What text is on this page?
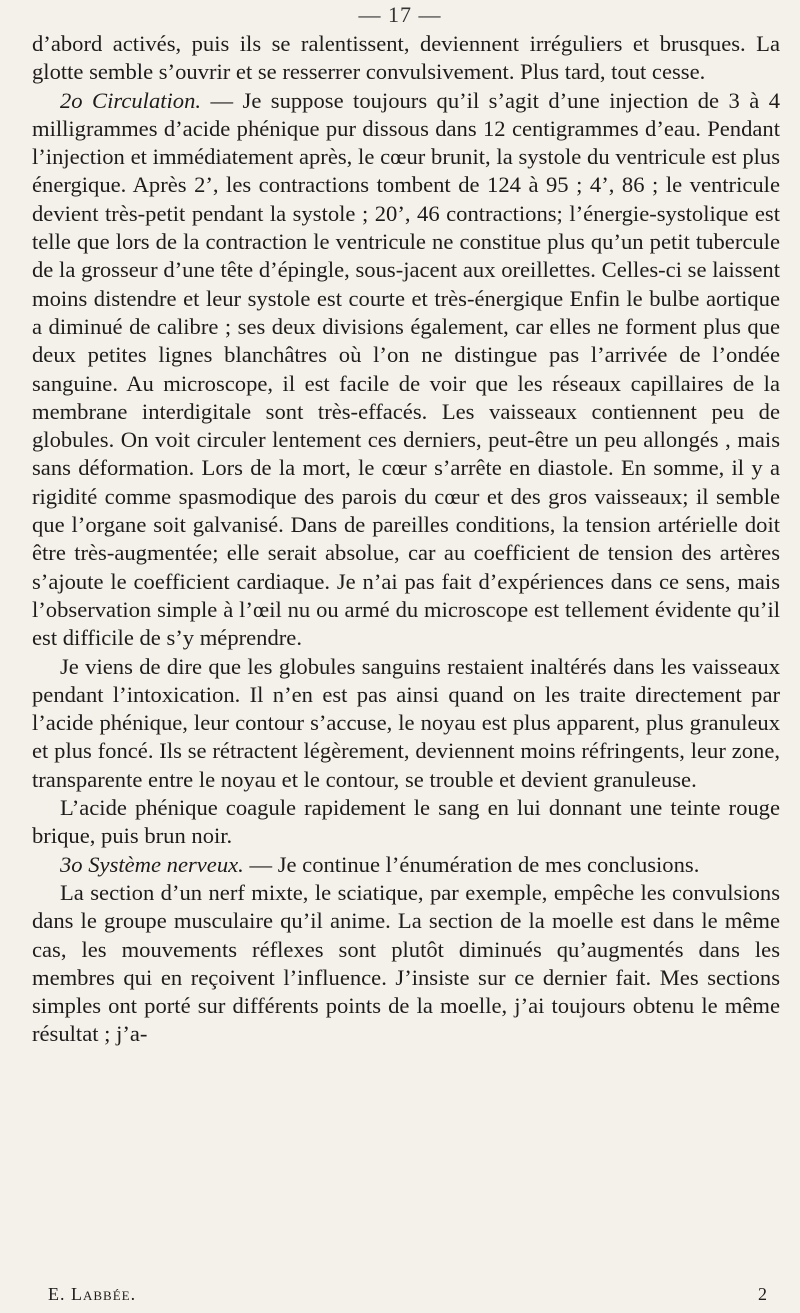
— 17 —

d’abord activés, puis ils se ralentissent, deviennent irréguliers et brusques. La glotte semble s’ouvrir et se resserrer convulsivement. Plus tard, tout cesse.

2o Circulation. — Je suppose toujours qu’il s’agit d’une injection de 3 à 4 milligrammes d’acide phénique pur dissous dans 12 centigrammes d’eau. Pendant l’injection et immédiatement après, le cœur brunit, la systole du ventricule est plus énergique. Après 2’, les contractions tombent de 124 à 95 ; 4’, 86 ; le ventricule devient très-petit pendant la systole ; 20’, 46 contractions; l’énergie-systolique est telle que lors de la contraction le ventricule ne constitue plus qu’un petit tubercule de la grosseur d’une tête d’épingle, sous-jacent aux oreillettes. Celles-ci se laissent moins distendre et leur systole est courte et très-énergique Enfin le bulbe aortique a diminué de calibre ; ses deux divisions également, car elles ne forment plus que deux petites lignes blanchâtres où l’on ne distingue pas l’arrivée de l’ondée sanguine. Au microscope, il est facile de voir que les réseaux capillaires de la membrane interdigitale sont très-effacés. Les vaisseaux contiennent peu de globules. On voit circuler lentement ces derniers, peut-être un peu allongés , mais sans déformation. Lors de la mort, le cœur s’arrête en diastole. En somme, il y a rigidité comme spasmodique des parois du cœur et des gros vaisseaux; il semble que l’organe soit galvanisé. Dans de pareilles conditions, la tension artérielle doit être très-augmentée; elle serait absolue, car au coefficient de tension des artères s’ajoute le coefficient cardiaque. Je n’ai pas fait d’expériences dans ce sens, mais l’observation simple à l’œil nu ou armé du microscope est tellement évidente qu’il est difficile de s’y méprendre.

Je viens de dire que les globules sanguins restaient inaltérés dans les vaisseaux pendant l’intoxication. Il n’en est pas ainsi quand on les traite directement par l’acide phénique, leur contour s’accuse, le noyau est plus apparent, plus granuleux et plus foncé. Ils se rétractent légèrement, deviennent moins réfringents, leur zone, transparente entre le noyau et le contour, se trouble et devient granuleuse.

L’acide phénique coagule rapidement le sang en lui donnant une teinte rouge brique, puis brun noir.

3o Système nerveux. — Je continue l’énumération de mes conclusions.

La section d’un nerf mixte, le sciatique, par exemple, empêche les convulsions dans le groupe musculaire qu’il anime. La section de la moelle est dans le même cas, les mouvements réflexes sont plutôt diminués qu’augmentés dans les membres qui en reçoivent l’influence. J’insiste sur ce dernier fait. Mes sections simples ont porté sur différents points de la moelle, j’ai toujours obtenu le même résultat ; j’a-

E. Labbée.	2
